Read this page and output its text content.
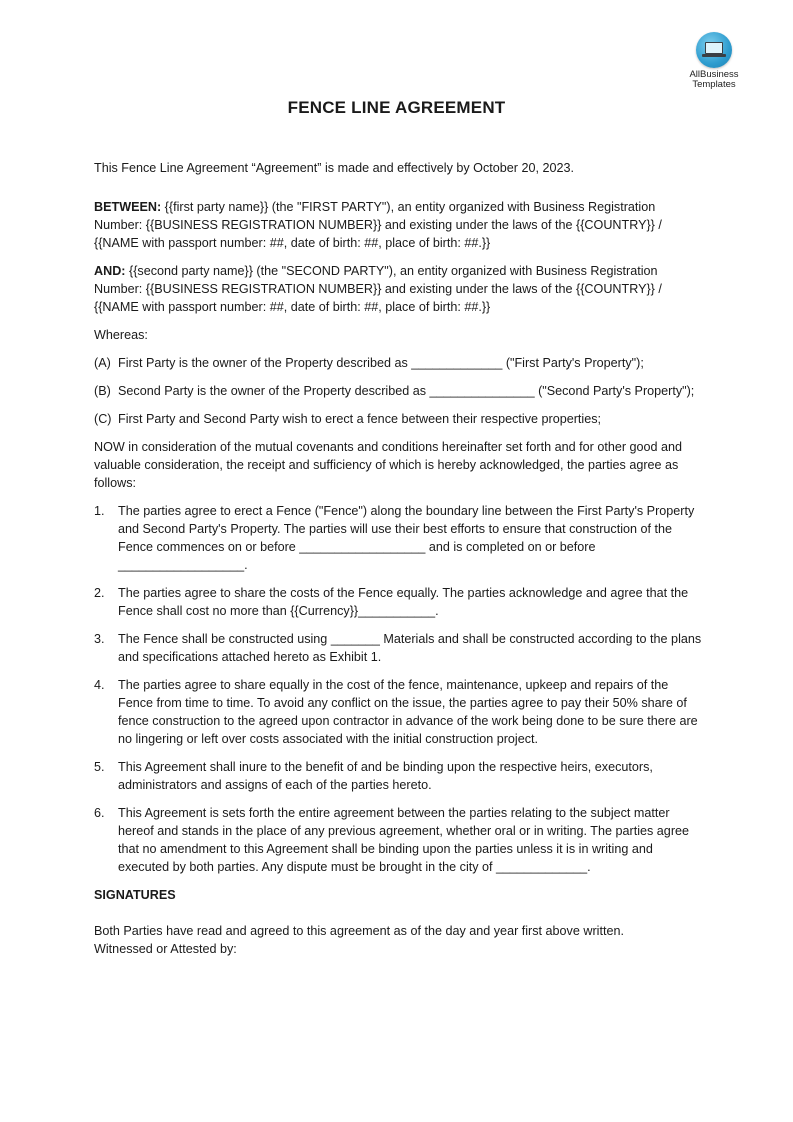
AllBusiness
Templates
FENCE LINE AGREEMENT

This Fence Line Agreement “Agreement” is made and effectively by October 20, 2023.

BETWEEN: {{first party name}} (the "FIRST PARTY"), an entity organized with Business Registration Number: {{BUSINESS REGISTRATION NUMBER}} and existing under the laws of the {{COUNTRY}} / {{NAME with passport number: ##, date of birth: ##, place of birth: ##.}}

AND: {{second party name}} (the "SECOND PARTY"), an entity organized with Business Registration Number: {{BUSINESS REGISTRATION NUMBER}} and existing under the laws of the {{COUNTRY}} / {{NAME with passport number: ##, date of birth: ##, place of birth: ##.}}

Whereas:

(A) First Party is the owner of the Property described as _____________ ("First Party's Property");
(B) Second Party is the owner of the Property described as _______________ ("Second Party's Property");
(C) First Party and Second Party wish to erect a fence between their respective properties;

NOW in consideration of the mutual covenants and conditions hereinafter set forth and for other good and valuable consideration, the receipt and sufficiency of which is hereby acknowledged, the parties agree as follows:

1.	The parties agree to erect a Fence ("Fence") along the boundary line between the First Party's Property and Second Party's Property. The parties will use their best efforts to ensure that construction of the Fence commences on or before __________________ and is completed on or before __________________.
2.	The parties agree to share the costs of the Fence equally. The parties acknowledge and agree that the Fence shall cost no more than {{Currency}}___________.
3.	The Fence shall be constructed using _______ Materials and shall be constructed according to the plans and specifications attached hereto as Exhibit 1.
4.	The parties agree to share equally in the cost of the fence, maintenance, upkeep and repairs of the Fence from time to time. To avoid any conflict on the issue, the parties agree to pay their 50% share of fence construction to the agreed upon contractor in advance of the work being done to be sure there are no lingering or left over costs associated with the initial construction project.
5.	This Agreement shall inure to the benefit of and be binding upon the respective heirs, executors, administrators and assigns of each of the parties hereto.
6.	This Agreement is sets forth the entire agreement between the parties relating to the subject matter hereof and stands in the place of any previous agreement, whether oral or in writing. The parties agree that no amendment to this Agreement shall be binding upon the parties unless it is in writing and executed by both parties. Any dispute must be brought in the city of _____________.

SIGNATURES

Both Parties have read and agreed to this agreement as of the day and year first above written.

Witnessed or Attested by:
